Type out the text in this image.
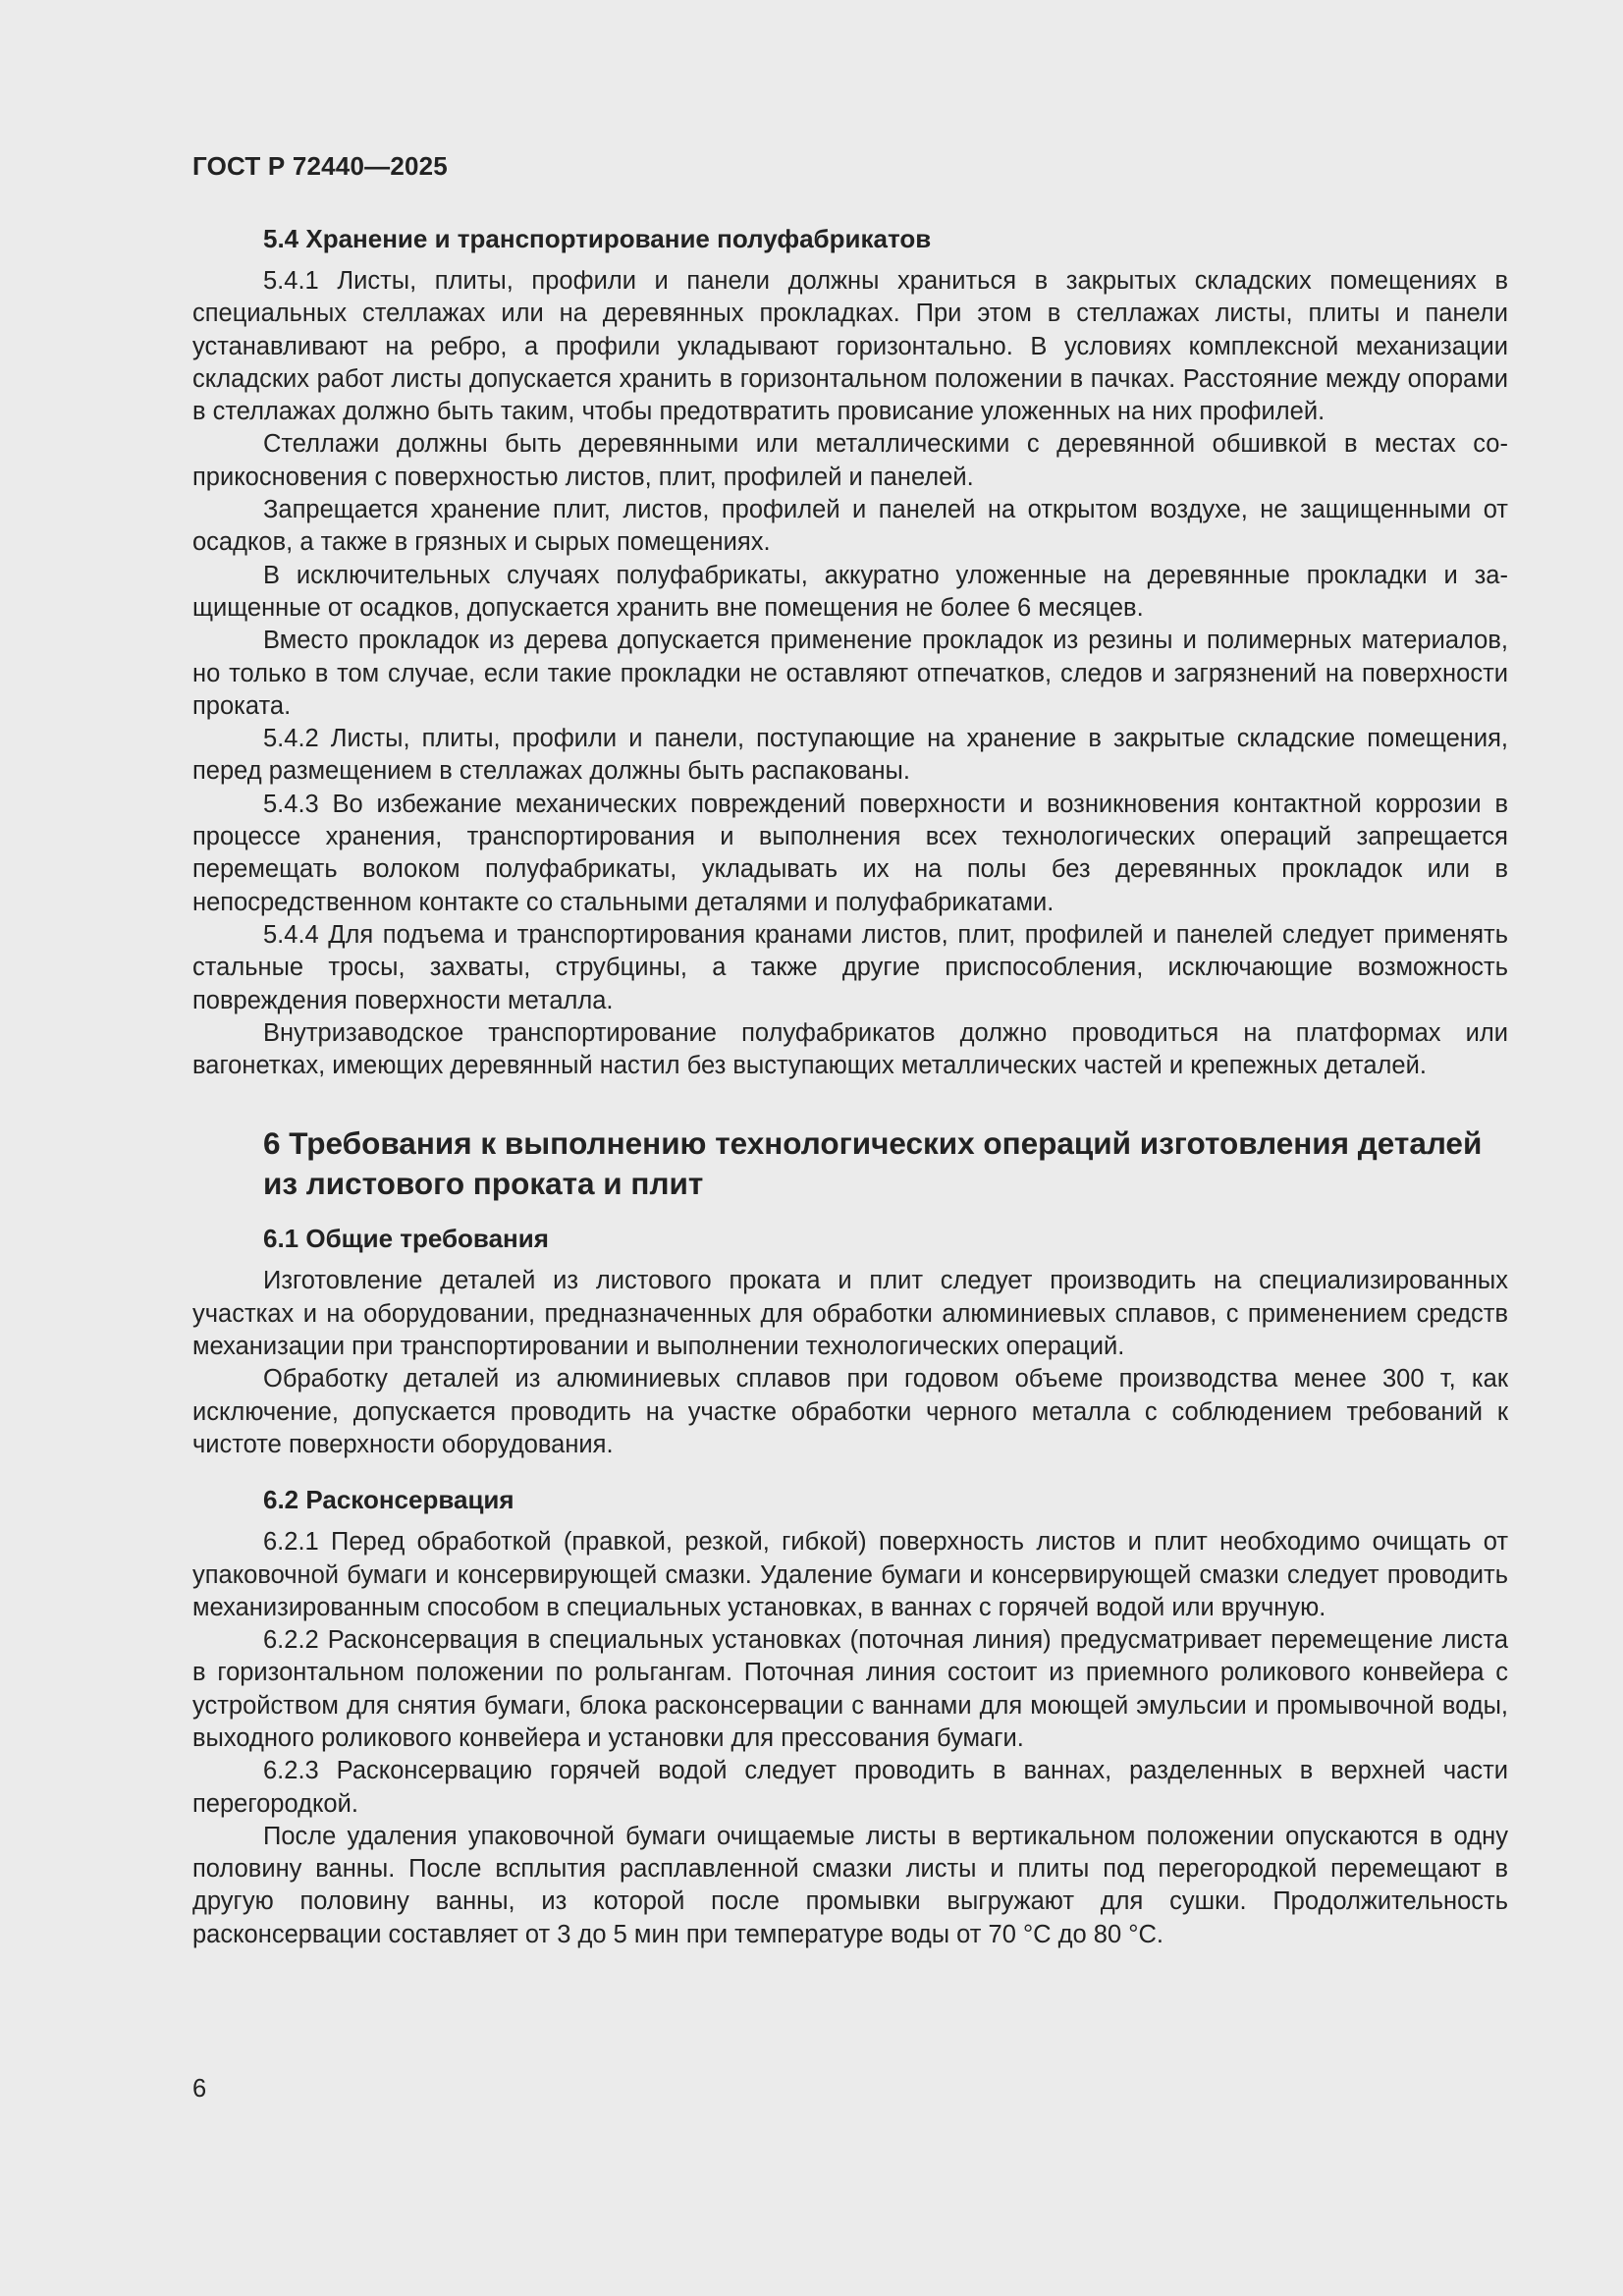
ГОСТ Р 72440—2025
5.4 Хранение и транспортирование полуфабрикатов

5.4.1 Листы, плиты, профили и панели должны храниться в закрытых складских помещениях в специальных стеллажах или на деревянных прокладках. При этом в стеллажах листы, плиты и панели устанавливают на ребро, а профили укладывают горизонтально. В условиях комплексной механизации складских работ листы допускается хранить в горизонтальном положении в пачках. Расстояние между опорами в стеллажах должно быть таким, чтобы предотвратить провисание уложенных на них профилей.

Стеллажи должны быть деревянными или металлическими с деревянной обшивкой в местах соприкосновения с поверхностью листов, плит, профилей и панелей.

Запрещается хранение плит, листов, профилей и панелей на открытом воздухе, не защищенными от осадков, а также в грязных и сырых помещениях.

В исключительных случаях полуфабрикаты, аккуратно уложенные на деревянные прокладки и защищенные от осадков, допускается хранить вне помещения не более 6 месяцев.

Вместо прокладок из дерева допускается применение прокладок из резины и полимерных материалов, но только в том случае, если такие прокладки не оставляют отпечатков, следов и загрязнений на поверхности проката.

5.4.2 Листы, плиты, профили и панели, поступающие на хранение в закрытые складские помещения, перед размещением в стеллажах должны быть распакованы.

5.4.3 Во избежание механических повреждений поверхности и возникновения контактной коррозии в процессе хранения, транспортирования и выполнения всех технологических операций запрещается перемещать волоком полуфабрикаты, укладывать их на полы без деревянных прокладок или в непосредственном контакте со стальными деталями и полуфабрикатами.

5.4.4 Для подъема и транспортирования кранами листов, плит, профилей и панелей следует применять стальные тросы, захваты, струбцины, а также другие приспособления, исключающие возможность повреждения поверхности металла.

Внутризаводское транспортирование полуфабрикатов должно проводиться на платформах или вагонетках, имеющих деревянный настил без выступающих металлических частей и крепежных деталей.

6 Требования к выполнению технологических операций изготовления деталей из листового проката и плит
6.1 Общие требования

Изготовление деталей из листового проката и плит следует производить на специализированных участках и на оборудовании, предназначенных для обработки алюминиевых сплавов, с применением средств механизации при транспортировании и выполнении технологических операций.

Обработку деталей из алюминиевых сплавов при годовом объеме производства менее 300 т, как исключение, допускается проводить на участке обработки черного металла с соблюдением требований к чистоте поверхности оборудования.

6.2 Расконсервация

6.2.1 Перед обработкой (правкой, резкой, гибкой) поверхность листов и плит необходимо очищать от упаковочной бумаги и консервирующей смазки. Удаление бумаги и консервирующей смазки следует проводить механизированным способом в специальных установках, в ваннах с горячей водой или вручную.

6.2.2 Расконсервация в специальных установках (поточная линия) предусматривает перемещение листа в горизонтальном положении по рольгангам. Поточная линия состоит из приемного роликового конвейера с устройством для снятия бумаги, блока расконсервации с ваннами для моющей эмульсии и промывочной воды, выходного роликового конвейера и установки для прессования бумаги.

6.2.3 Расконсервацию горячей водой следует проводить в ваннах, разделенных в верхней части перегородкой.

После удаления упаковочной бумаги очищаемые листы в вертикальном положении опускаются в одну половину ванны. После всплытия расплавленной смазки листы и плиты под перегородкой перемещают в другую половину ванны, из которой после промывки выгружают для сушки. Продолжительность расконсервации составляет от 3 до 5 мин при температуре воды от 70 °С до 80 °С.

6
